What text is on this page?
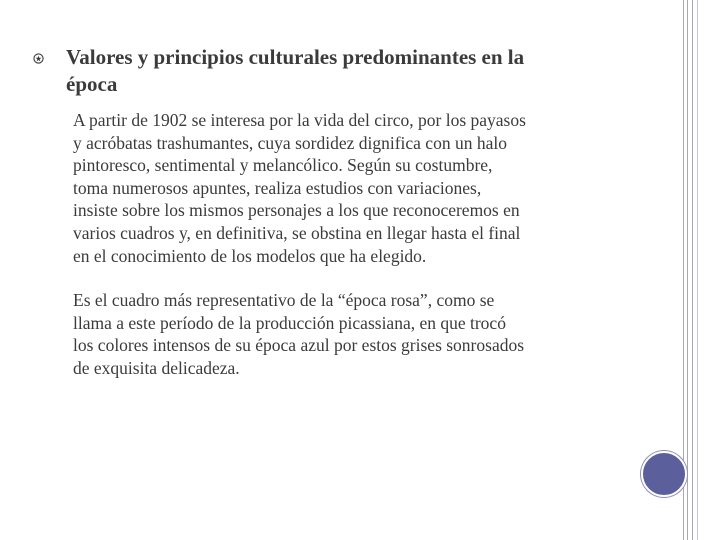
Valores y principios culturales predominantes en la
época

A partir de 1902 se interesa por la vida del circo, por los payasos
y acróbatas trashumantes, cuya sordidez dignifica con un halo
pintoresco, sentimental y melancólico. Según su costumbre,
toma numerosos apuntes, realiza estudios con variaciones,
insiste sobre los mismos personajes a los que reconoceremos en
varios cuadros y, en definitiva, se obstina en llegar hasta el final
en el conocimiento de los modelos que ha elegido.

Es el cuadro más representativo de la “época rosa”, como se
llama a este período de la producción picassiana, en que trocó
los colores intensos de su época azul por estos grises sonrosados
de exquisita delicadeza.
